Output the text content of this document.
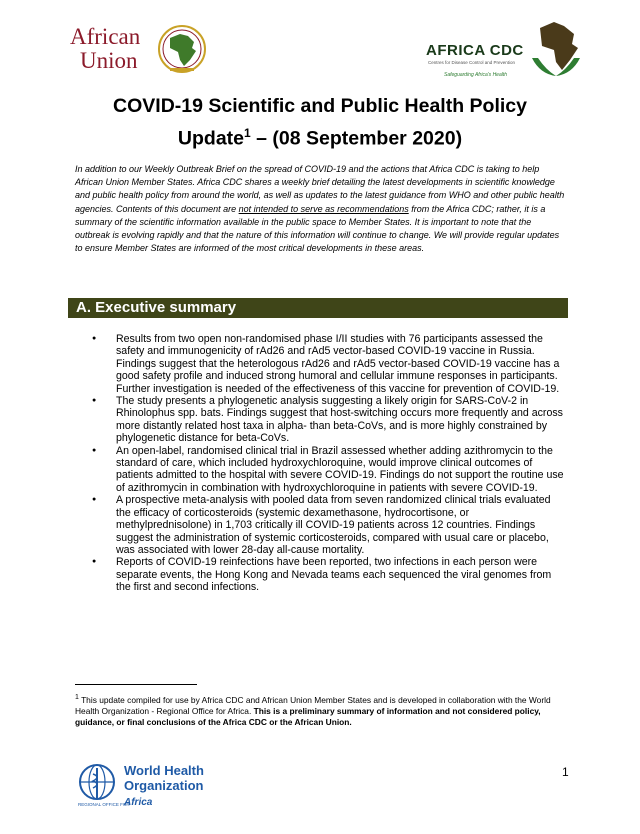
African
Union	AFRICA CDC
Centres for Disease Control and Prevention
Safeguarding Africa's Health
COVID-19 Scientific and Public Health Policy
Update$^1$ – (08 September 2020)

In addition to our Weekly Outbreak Brief on the spread of COVID-19 and the actions that Africa CDC is taking to help African Union Member States. Africa CDC shares a weekly brief detailing the latest developments in scientific knowledge and public health policy from around the world, as well as updates to the latest guidance from WHO and other public health agencies. Contents of this document are not intended to serve as recommendations from the Africa CDC; rather, it is a summary of the scientific information available in the public space to Member States. It is important to note that the outbreak is evolving rapidly and that the nature of this information will continue to change. We will provide regular updates to ensure Member States are informed of the most critical developments in these areas.

A. Executive summary
● Results from two open non-randomised phase I/II studies with 76 participants assessed the safety and immunogenicity of rAd26 and rAd5 vector-based COVID-19 vaccine in Russia. Findings suggest that the heterologous rAd26 and rAd5 vector-based COVID-19 vaccine has a good safety profile and induced strong humoral and cellular immune responses in participants. Further investigation is needed of the effectiveness of this vaccine for prevention of COVID-19.
● The study presents a phylogenetic analysis suggesting a likely origin for SARS-CoV-2 in Rhinolophus spp. bats. Findings suggest that host-switching occurs more frequently and across more distantly related host taxa in alpha- than beta-CoVs, and is more highly constrained by phylogenetic distance for beta-CoVs.
● An open-label, randomised clinical trial in Brazil assessed whether adding azithromycin to the standard of care, which included hydroxychloroquine, would improve clinical outcomes of patients admitted to the hospital with severe COVID-19. Findings do not support the routine use of azithromycin in combination with hydroxychloroquine in patients with severe COVID-19.
● A prospective meta-analysis with pooled data from seven randomized clinical trials evaluated the efficacy of corticosteroids (systemic dexamethasone, hydrocortisone, or methylprednisolone) in 1,703 critically ill COVID-19 patients across 12 countries. Findings suggest the administration of systemic corticosteroids, compared with usual care or placebo, was associated with lower 28-day all-cause mortality.
● Reports of COVID-19 reinfections have been reported, two infections in each person were separate events, the Hong Kong and Nevada teams each sequenced the viral genomes from the first and second infections.

$^1$ This update compiled for use by Africa CDC and African Union Member States and is developed in collaboration with the World Health Organization - Regional Office for Africa. This is a preliminary summary of information and not considered policy, guidance, or final conclusions of the Africa CDC or the African Union.

World Health
Organization
REGIONAL OFFICE FOR
Africa
1
